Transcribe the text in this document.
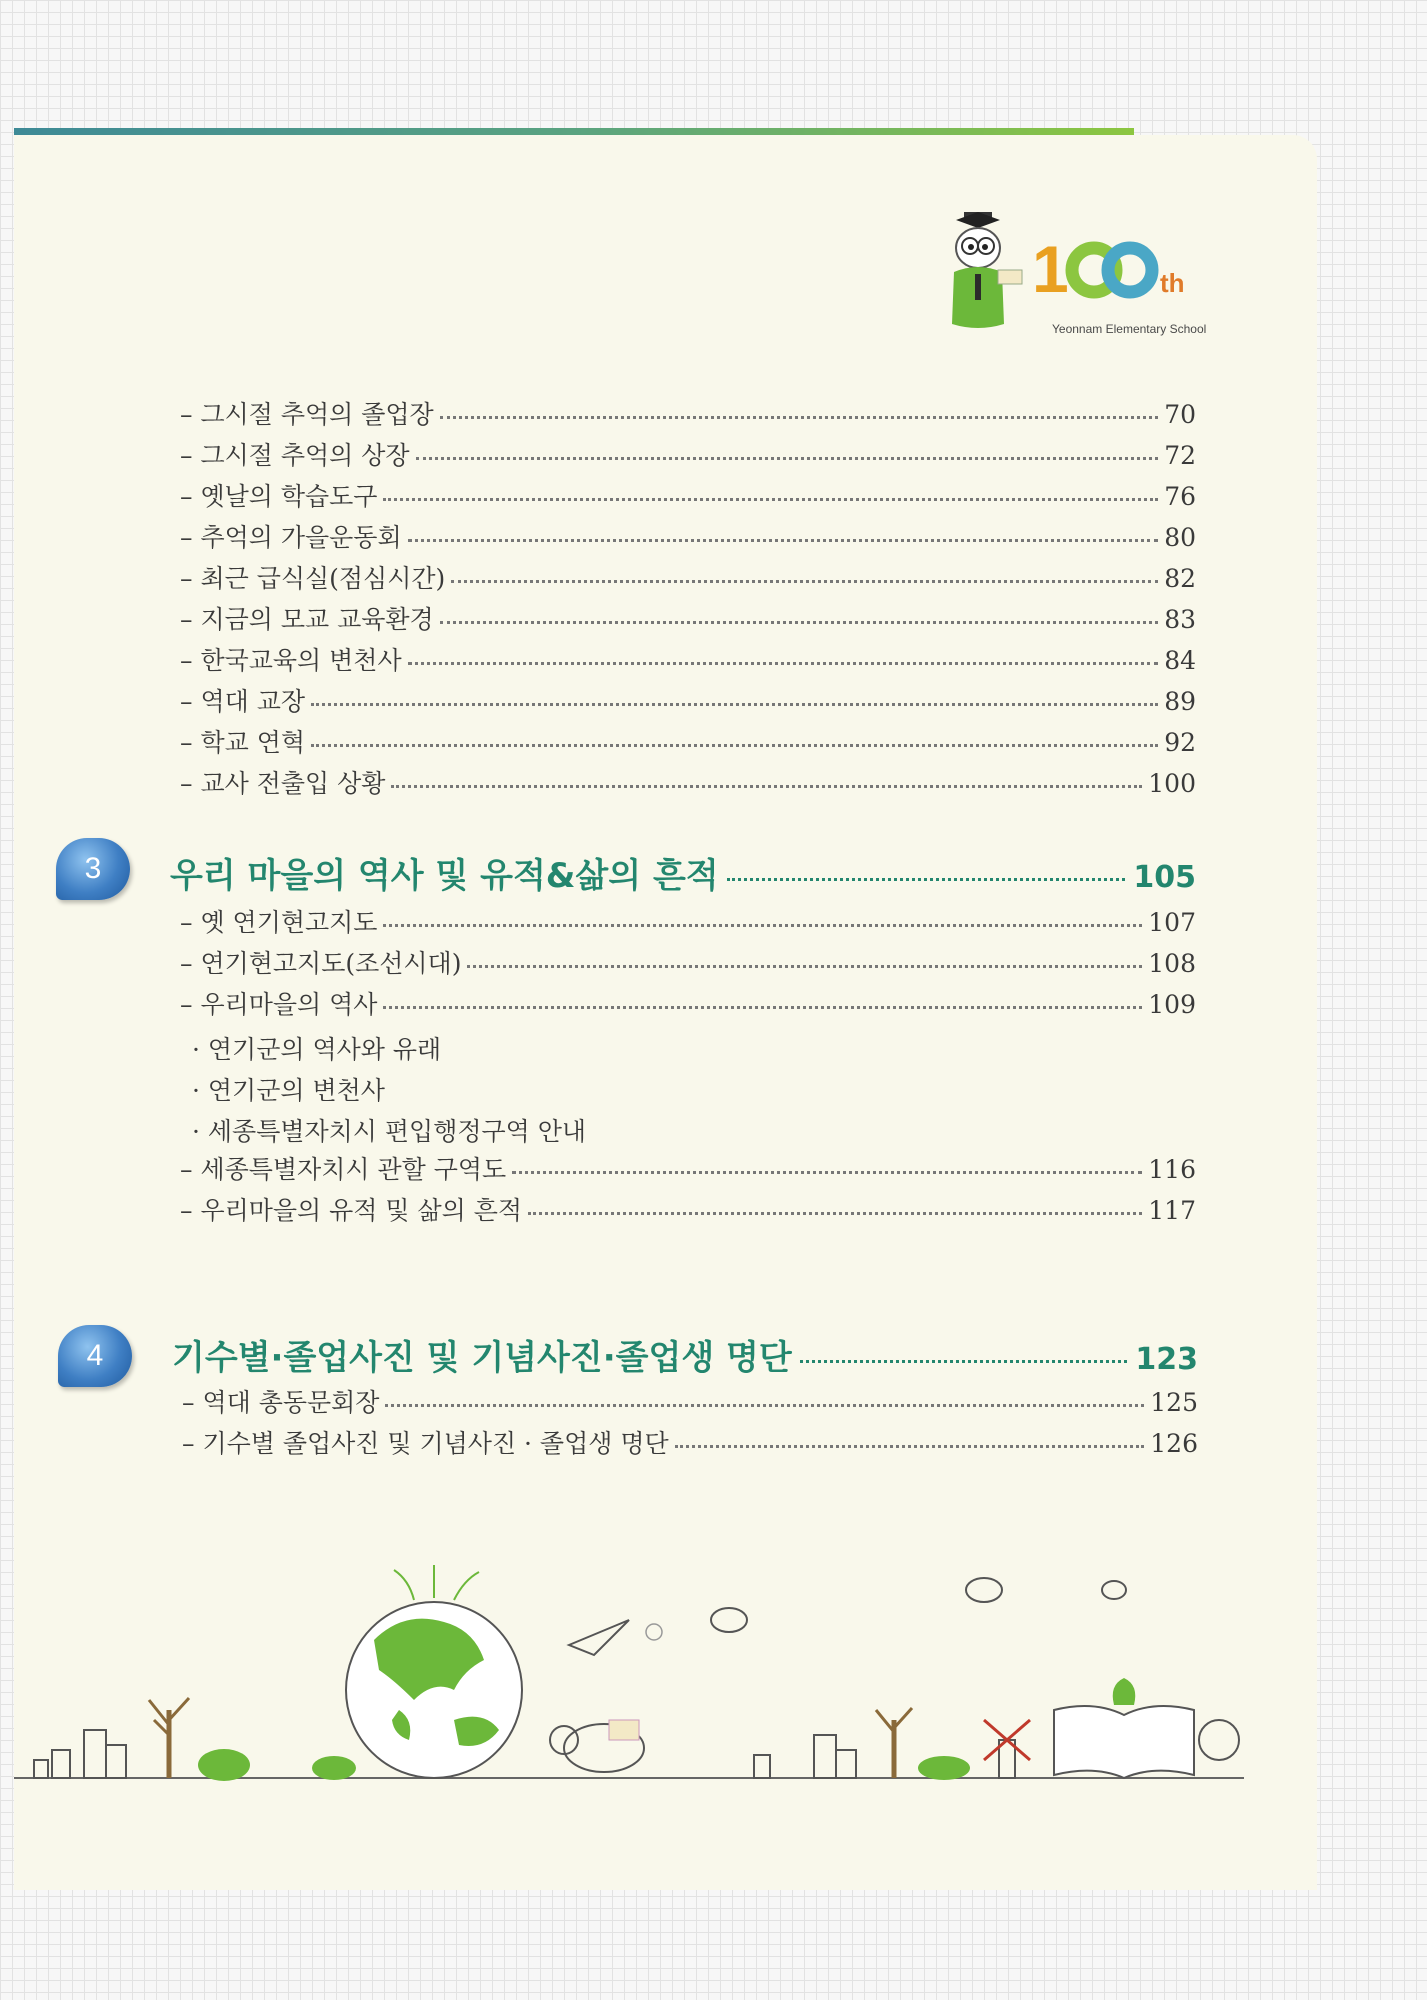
1	th
Yeonnam Elementary School
– 그시절 추억의 졸업장	70
– 그시절 추억의 상장	72
– 옛날의 학습도구	76
– 추억의 가을운동회	80
– 최근 급식실(점심시간)	82
– 지금의 모교 교육환경	83
– 한국교육의 변천사	84
– 역대 교장	89
– 학교 연혁	92
– 교사 전출입 상황	100
3	우리 마을의 역사 및 유적&삶의 흔적	105
– 옛 연기현고지도	107
– 연기현고지도(조선시대)	108
– 우리마을의 역사	109
· 연기군의 역사와 유래
· 연기군의 변천사
· 세종특별자치시 편입행정구역 안내
– 세종특별자치시 관할 구역도	116
– 우리마을의 유적 및 삶의 흔적	117
4	기수별·졸업사진 및 기념사진·졸업생 명단	123
– 역대 총동문회장	125
– 기수별 졸업사진 및 기념사진 · 졸업생 명단	126
